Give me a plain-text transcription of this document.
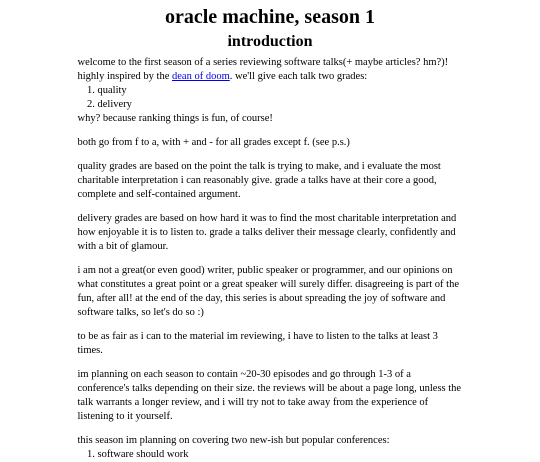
oracle machine, season 1
introduction

welcome to the first season of a series reviewing software talks(+ maybe articles? hm?)! highly inspired by the dean of doom. we'll give each talk two grades:

1. quality
2. delivery

why? because ranking things is fun, of course!

both go from f to a, with + and - for all grades except f. (see p.s.)

quality grades are based on the point the talk is trying to make, and i evaluate the most charitable interpretation i can reasonably give. grade a talks have at their core a good, complete and self-contained argument.

delivery grades are based on how hard it was to find the most charitable interpretation and how enjoyable it is to listen to. grade a talks deliver their message clearly, confidently and with a bit of glamour.

i am not a great(or even good) writer, public speaker or programmer, and our opinions on what constitutes a great point or a great speaker will surely differ. disagreeing is part of the fun, after all! at the end of the day, this series is about spreading the joy of software and software talks, so let's do so :)

to be as fair as i can to the material im reviewing, i have to listen to the talks at least 3 times.

im planning on each season to contain ~20-30 episodes and go through 1-3 of a conference's talks depending on their size. the reviews will be about a page long, unless the talk warrants a longer review, and i will try not to take away from the experience of listening to it yourself.

this season im planning on covering two new-ish but popular conferences:

1. software should work
